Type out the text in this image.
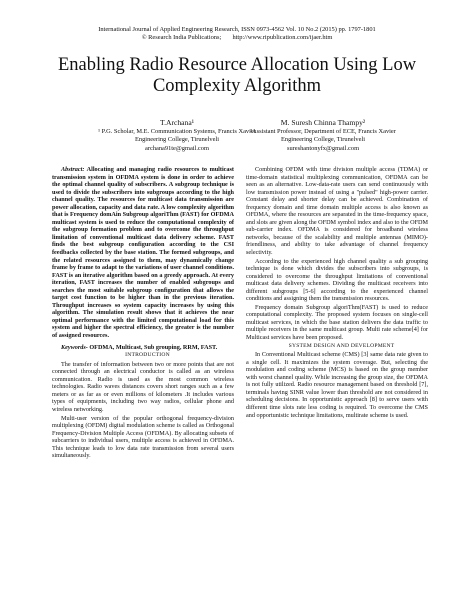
International Journal of Applied Engineering Research, ISSN 0973-4562 Vol. 10 No.2 (2015) pp. 1797-1801
© Research India Publications;       http://www.ripublication.com/ijaer.htm
Enabling Radio Resource Allocation Using Low
Complexity Algorithm
T.Archana¹
¹ P.G. Scholar, M.E. Communication Systems, Francis Xavier
Engineering College, Tirunelveli
archana91te@gmail.com
M. Suresh Chinna Thampy²
²Assistant Professor, Department of ECE, Francis Xavier
Engineering College, Tirunelveli
sureshantonyfx@gmail.com

Abstract: Allocating and managing radio resources to multicast transmission system in OFDMA system is done in order to achieve the optimal channel quality of subscribers. A subgroup technique is used to divide the subscribers into subgroups according to the high channel quality. The resources for multicast data transmission are power allocation, capacity and data rate. A low complexity algorithm that is Frequency domAin Subgroup algoriThm (FAST) for OFDMA multicast system is used to reduce the computational complexity of the subgroup formation problem and to overcome the throughput limitation of conventional multicast data delivery scheme. FAST finds the best subgroup configuration according to the CSI feedbacks collected by the base station. The formed subgroups, and the related resources assigned to them, may dynamically change frame by frame to adapt to the variations of user channel conditions. FAST is an iterative algorithm based on a greedy approach. At every iteration, FAST increases the number of enabled subgroups and searches the most suitable subgroup configuration that allows the target cost function to be higher than in the previous iteration. Throughput increases so system capacity increases by using this algorithm. The simulation result shows that it achieves the near optimal performance with the limited computational load for this system and higher the spectral efficiency, the greater is the number of assigned resources.

Keywords- OFDMA, Multicast, Sub grouping, RRM, FAST.

INTRODUCTION

The transfer of information between two or more points that are not connected through an electrical conductor is called as an wireless communication. Radio is used as the most common wireless technologies. Radio waves distances covers short ranges such as a few meters or as far as or even millions of kilometers .It includes various types of equipments, including two way radios, cellular phone and wireless networking.

Multi-user version of the popular orthogonal frequency-division multiplexing (OFDM) digital modulation scheme is called as Orthogonal Frequency-Division Multiple Access (OFDMA). By allocating subsets of subcarriers to individual users, multiple access is achieved in OFDMA. This technique leads to low data rate transmission from several users simultaneously.

Combining OFDM with time division multiple access (TDMA) or time-domain statistical multiplexing communication, OFDMA can be seen as an alternative. Low-data-rate users can send continuously with low transmission power instead of using a "pulsed" high-power carrier. Constant delay and shorter delay can be achieved. Combination of frequency domain and time domain multiple access is also known as OFDMA, where the resources are separated in the time-frequency space, and slots are given along the OFDM symbol index and also to the OFDM sub-carrier index. OFDMA is considered for broadband wireless networks, because of the scalability and multiple antennas (MIMO)-friendliness, and ability to take advantage of channel frequency selectivity.

According to the experienced high channel quality a sub grouping technique is done which divides the subscribers into subgroups, is considered to overcome the throughput limitations of conventional multicast data delivery schemes. Dividing the multicast receivers into different subgroups [5-6] according to the experienced channel conditions and assigning them the transmission resources.

Frequency domain Subgroup algoriThm(FAST) is used to reduce computational complexity. The proposed system focuses on single-cell multicast services, in which the base station delivers the data traffic to multiple receivers in the same multicast group. Multi rate scheme[4] for Multicast services have been proposed.

SYSTEM DESIGN AND DEVELOPMENT

In Conventional Multicast scheme (CMS) [3] same data rate given to a single cell. It maximizes the system coverage. But, selecting the modulation and coding scheme (MCS) is based on the group member with worst channel quality. While increasing the group size, the OFDMA is not fully utilized. Radio resource management based on threshold [7], terminals having SINR value lower than threshold are not considered in scheduling decisions. In opportunistic approach [8] to serve users with different time slots rate less coding is required. To overcome the CMS and opportunistic technique limitations, multirate scheme is used.
